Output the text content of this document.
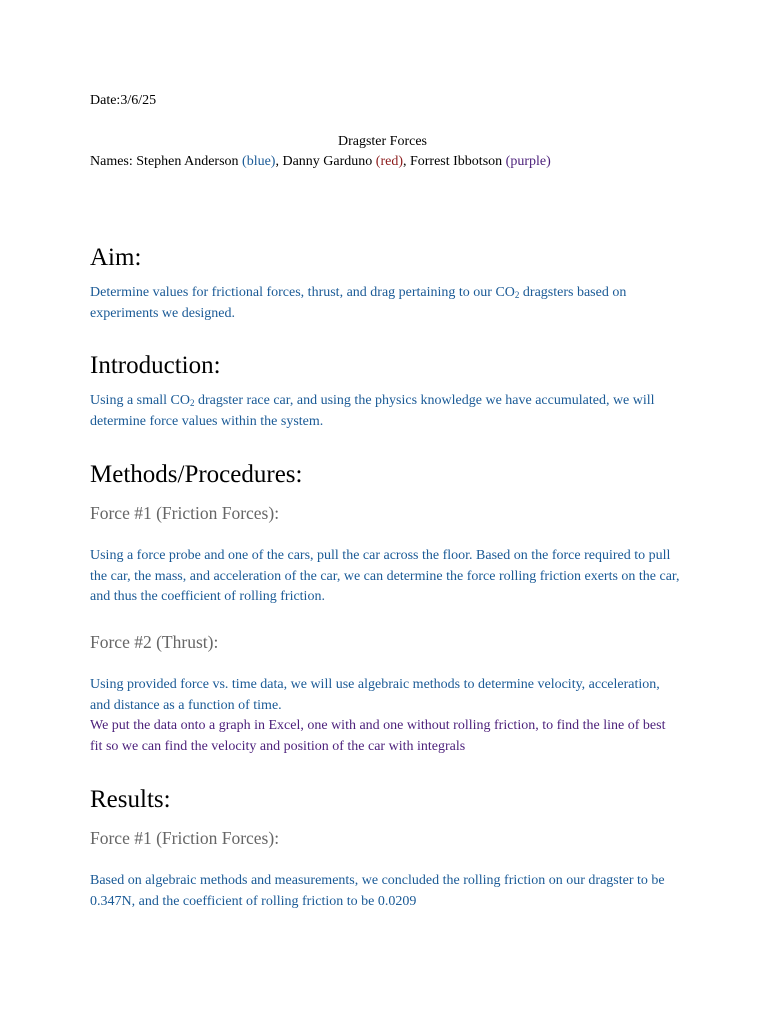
Date:3/6/25
Dragster Forces
Names: Stephen Anderson (blue), Danny Garduno (red), Forrest Ibbotson (purple)
Aim:
Determine values for frictional forces, thrust, and drag pertaining to our $CO_2$ dragsters based on experiments we designed.
Introduction:
Using a small $CO_2$ dragster race car, and using the physics knowledge we have accumulated, we will determine force values within the system.
Methods/Procedures:
Force #1 (Friction Forces):
Using a force probe and one of the cars, pull the car across the floor. Based on the force required to pull the car, the mass, and acceleration of the car, we can determine the force rolling friction exerts on the car, and thus the coefficient of rolling friction.
Force #2 (Thrust):
Using provided force vs. time data, we will use algebraic methods to determine velocity, acceleration, and distance as a function of time.
We put the data onto a graph in Excel, one with and one without rolling friction, to find the line of best fit so we can find the velocity and position of the car with integrals
Results:
Force #1 (Friction Forces):
Based on algebraic methods and measurements, we concluded the rolling friction on our dragster to be 0.347N, and the coefficient of rolling friction to be 0.0209
